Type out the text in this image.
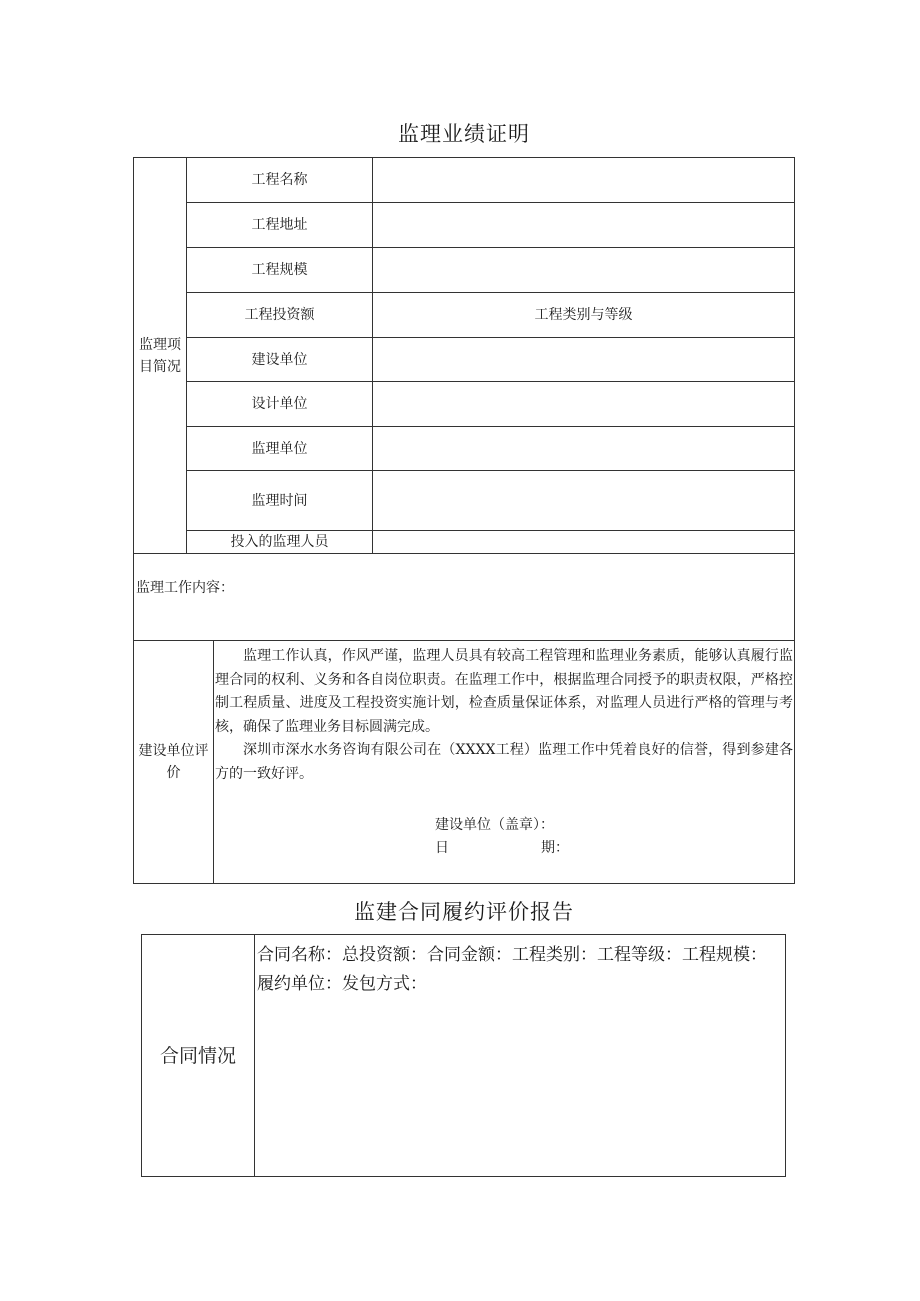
监理业绩证明
监理项目简况
工程名称
工程地址
工程规模
工程投资额	工程类别与等级
建设单位
设计单位
监理单位
监理时间
投入的监理人员
监理工作内容：
建设单位评价

监理工作认真，作风严谨，监理人员具有较高工程管理和监理业务素质，能够认真履行监理合同的权利、义务和各自岗位职责。在监理工作中，根据监理合同授予的职责权限，严格控制工程质量、进度及工程投资实施计划，检查质量保证体系，对监理人员进行严格的管理与考核，确保了监理业务目标圆满完成。

深圳市深水水务咨询有限公司在（XXXX工程）监理工作中凭着良好的信誉，得到参建各方的一致好评。

建设单位（盖章）：
日	期：
监建合同履约评价报告
合同情况
合同名称：总投资额：合同金额：工程类别：工程等级：工程规模：
履约单位：发包方式：
